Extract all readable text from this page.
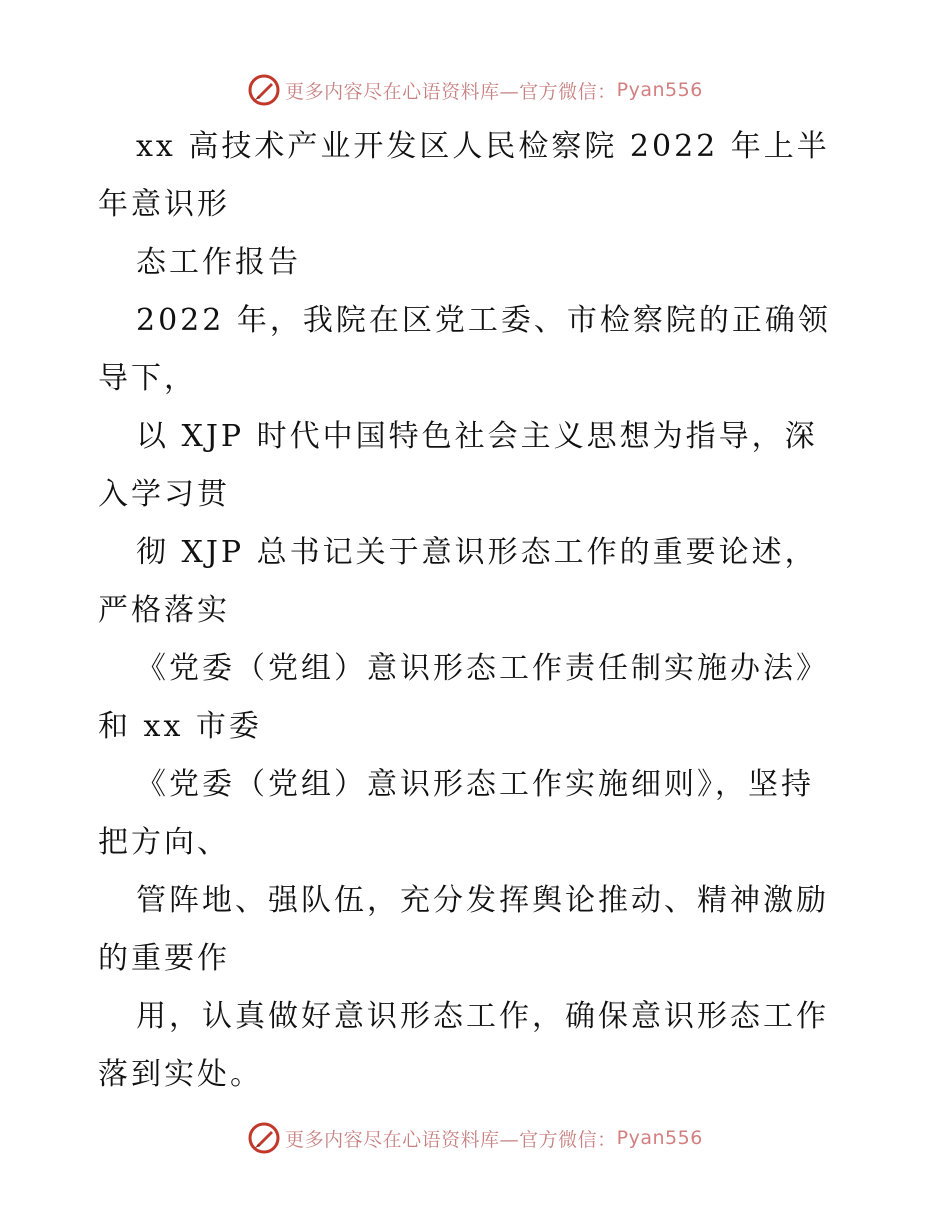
更多内容尽在心语资料库—官方微信： Pyan556
xx 高技术产业开发区人民检察院 2022 年上半
年意识形
态工作报告
2022 年，我院在区党工委、市检察院的正确领
导下，
以 XJP 时代中国特色社会主义思想为指导，深
入学习贯
彻 XJP 总书记关于意识形态工作的重要论述，
严格落实
《党委（党组）意识形态工作责任制实施办法》
和 xx 市委
《党委（党组）意识形态工作实施细则》，坚持
把方向、
管阵地、强队伍，充分发挥舆论推动、精神激励
的重要作
用，认真做好意识形态工作，确保意识形态工作
落到实处。
更多内容尽在心语资料库—官方微信： Pyan556
